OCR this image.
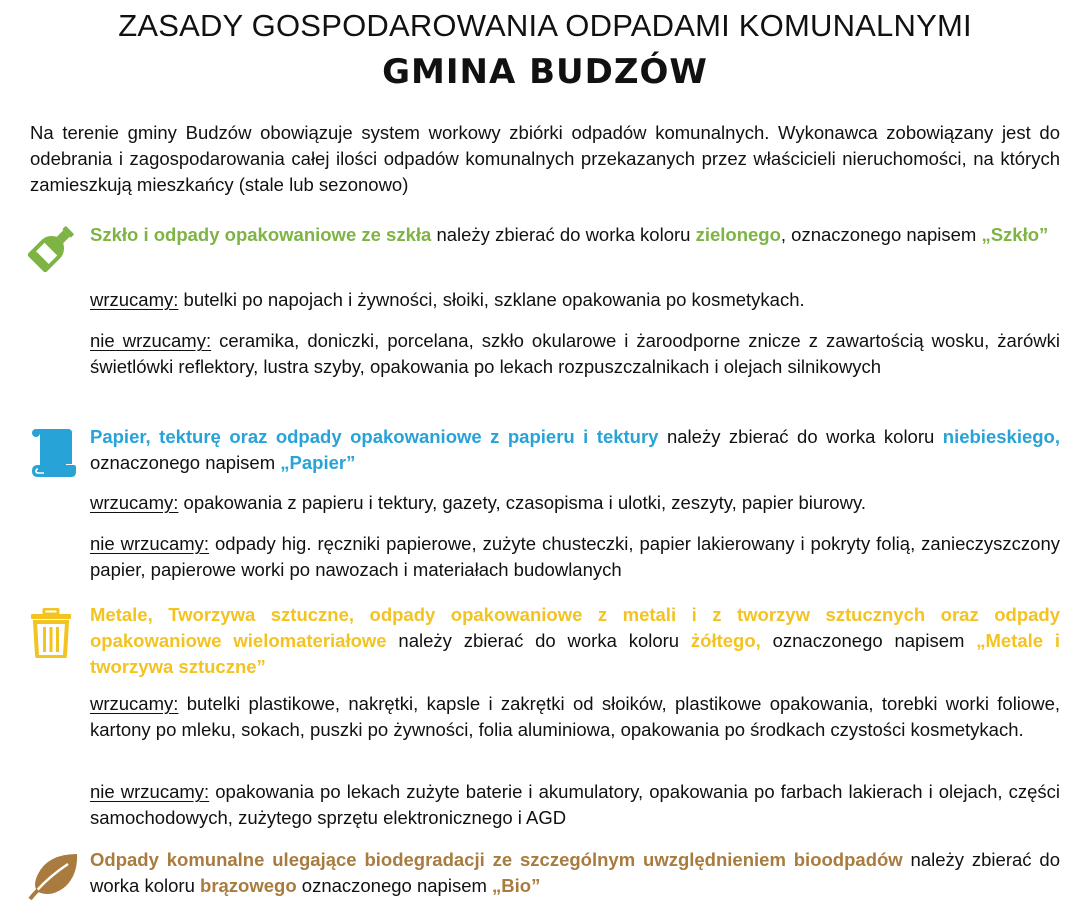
ZASADY GOSPODAROWANIA ODPADAMI KOMUNALNYMI
GMINA BUDZÓW
Na terenie gminy Budzów obowiązuje system workowy zbiórki odpadów komunalnych. Wykonawca zobowiązany jest do odebrania i zagospodarowania całej ilości odpadów komunalnych przekazanych przez właścicieli nieruchomości, na których zamieszkują mieszkańcy (stale lub sezonowo)
Szkło i odpady opakowaniowe ze szkła należy zbierać do worka koloru zielonego, oznaczonego napisem „Szkło”
wrzucamy: butelki po napojach i żywności, słoiki, szklane opakowania po kosmetykach.
nie wrzucamy: ceramika, doniczki, porcelana, szkło okularowe i żaroodporne znicze z zawartością wosku, żarówki świetlówki reflektory, lustra szyby, opakowania po lekach rozpuszczalnikach i olejach silnikowych
Papier, tekturę oraz odpady opakowaniowe z papieru i tektury należy zbierać do worka koloru niebieskiego, oznaczonego napisem „Papier”
wrzucamy: opakowania z papieru i tektury, gazety, czasopisma i ulotki, zeszyty, papier biurowy.
nie wrzucamy: odpady hig. ręczniki papierowe, zużyte chusteczki, papier lakierowany i pokryty folią, zanieczyszczony papier, papierowe worki po nawozach i materiałach budowlanych
Metale, Tworzywa sztuczne, odpady opakowaniowe z metali i z tworzyw sztucznych oraz odpady opakowaniowe wielomateriałowe należy zbierać do worka koloru żółtego, oznaczonego napisem „Metale i tworzywa sztuczne”
wrzucamy: butelki plastikowe, nakrętki, kapsle i zakrętki od słoików, plastikowe opakowania, torebki worki foliowe, kartony po mleku, sokach, puszki po żywności, folia aluminiowa, opakowania po środkach czystości kosmetykach.
nie wrzucamy: opakowania po lekach zużyte baterie i akumulatory, opakowania po farbach lakierach i olejach, części samochodowych, zużytego sprzętu elektronicznego i AGD
Odpady komunalne ulegające biodegradacji ze szczególnym uwzględnieniem bioodpadów należy zbierać do worka koloru brązowego oznaczonego napisem „Bio”
